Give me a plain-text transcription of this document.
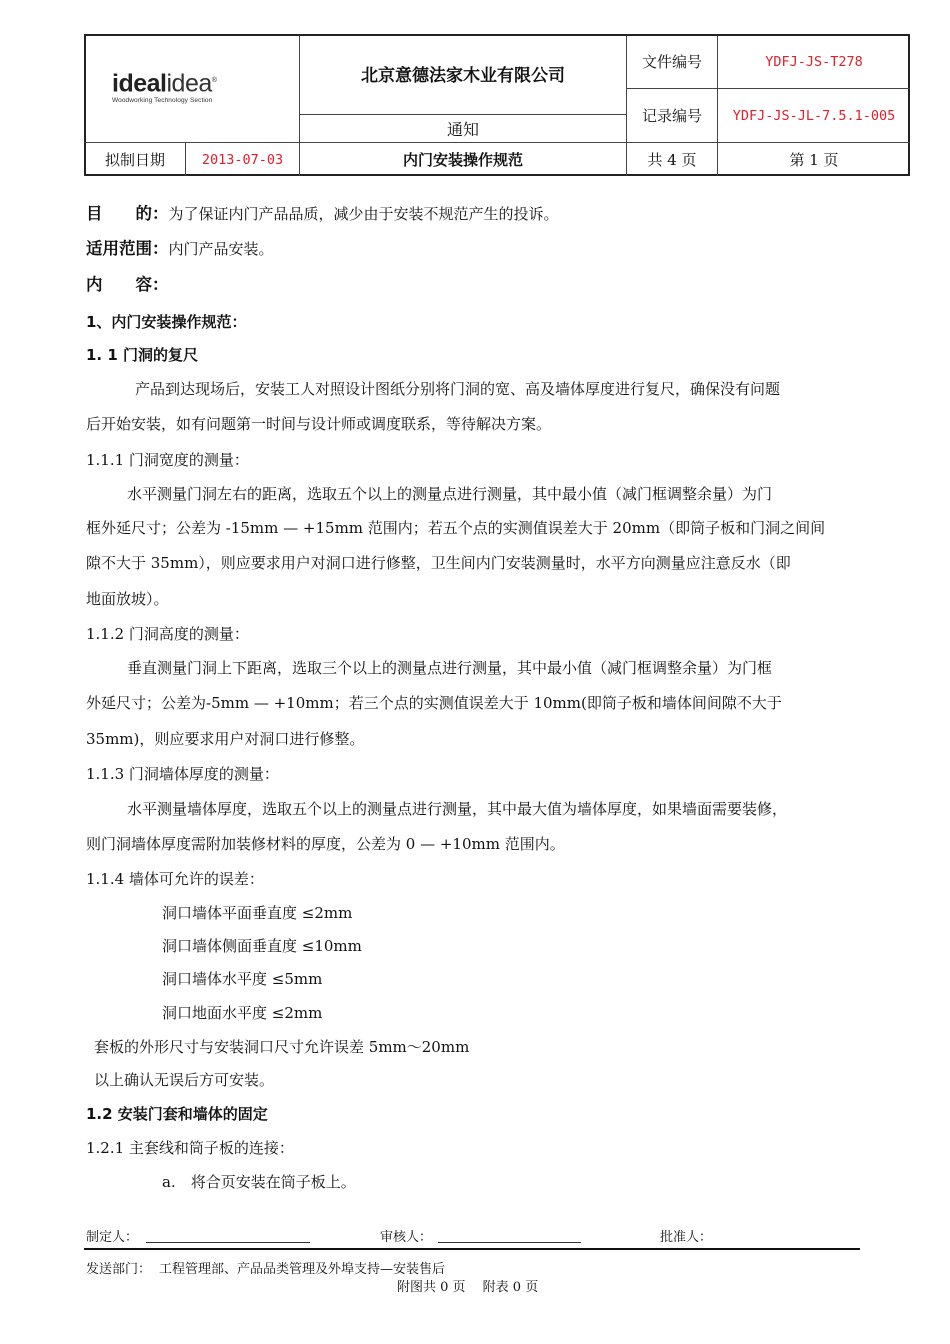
idealidea®
Woodworking Technology Section
北京意德法家木业有限公司
通知
文件编号	YDFJ-JS-T278
记录编号	YDFJ-JS-JL-7.5.1-005
拟制日期	2013-07-03	内门安装操作规范	共 4 页	第 1 页
目　　的：为了保证内门产品品质，减少由于安装不规范产生的投诉。
适用范围：内门产品安装。
内　　容：
1、内门安装操作规范：
1. 1 门洞的复尺
产品到达现场后，安装工人对照设计图纸分别将门洞的宽、高及墙体厚度进行复尺，确保没有问题
后开始安装，如有问题第一时间与设计师或调度联系，等待解决方案。
1.1.1 门洞宽度的测量：
水平测量门洞左右的距离，选取五个以上的测量点进行测量，其中最小值（减门框调整余量）为门
框外延尺寸；公差为 -15mm — +15mm 范围内；若五个点的实测值误差大于 20mm（即筒子板和门洞之间间
隙不大于 35mm），则应要求用户对洞口进行修整，卫生间内门安装测量时，水平方向测量应注意反水（即
地面放坡）。
1.1.2 门洞高度的测量：
垂直测量门洞上下距离，选取三个以上的测量点进行测量，其中最小值（减门框调整余量）为门框
外延尺寸；公差为-5mm — +10mm；若三个点的实测值误差大于 10mm(即筒子板和墙体间间隙不大于
35mm)，则应要求用户对洞口进行修整。
1.1.3 门洞墙体厚度的测量：
水平测量墙体厚度，选取五个以上的测量点进行测量，其中最大值为墙体厚度，如果墙面需要装修，
则门洞墙体厚度需附加装修材料的厚度，公差为 0 — +10mm 范围内。
1.1.4 墙体可允许的误差：
洞口墙体平面垂直度 ≤2mm
洞口墙体侧面垂直度 ≤10mm
洞口墙体水平度 ≤5mm
洞口地面水平度 ≤2mm
套板的外形尺寸与安装洞口尺寸允许误差 5mm～20mm
以上确认无误后方可安装。
1.2 安装门套和墙体的固定
1.2.1 主套线和筒子板的连接：
a.　将合页安装在筒子板上。
制定人：	审核人：	批准人：
发送部门： 工程管理部、产品品类管理及外埠支持—安装售后
附图共 0 页　 附表 0 页
